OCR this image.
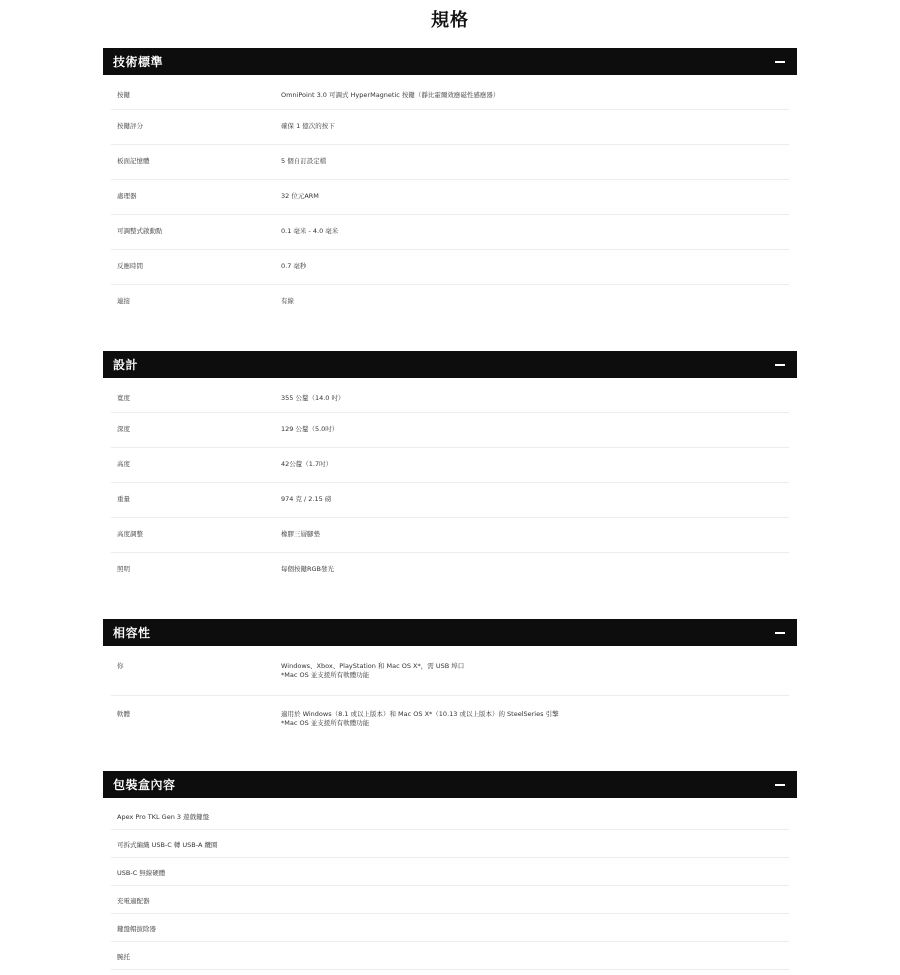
規格
技術標準
按鍵	OmniPoint 3.0 可調式 HyperMagnetic 按鍵（靜比霍爾效應磁性感應器）
按鍵評分	確保 1 億次的按下
板面記憶體	5 個自訂設定檔
處理器	32 位元ARM
可調整式啟動點	0.1 毫米 - 4.0 毫米
反應時間	0.7 毫秒
連接	有線
設計
寬度	355 公釐（14.0 吋）
深度	129 公釐（5.0吋）
高度	42公釐（1.7吋）
重量	974 克 / 2.15 磅
高度調整	橡膠三層腳墊
照明	每個按鍵RGB發光
相容性
你	Windows、Xbox、PlayStation 和 Mac OS X*，需 USB 埠口
*Mac OS 並支援所有軟體功能
軟體	適用於 Windows（8.1 或以上版本）和 Mac OS X*（10.13 或以上版本）的 SteelSeries 引擎
*Mac OS 並支援所有軟體功能
包裝盒內容
Apex Pro TKL Gen 3 遊戲鍵盤
可拆式編織 USB-C 轉 USB-A 纜圈
USB-C 無線硬體
充電適配器
鍵盤帽拔除器
腕托
